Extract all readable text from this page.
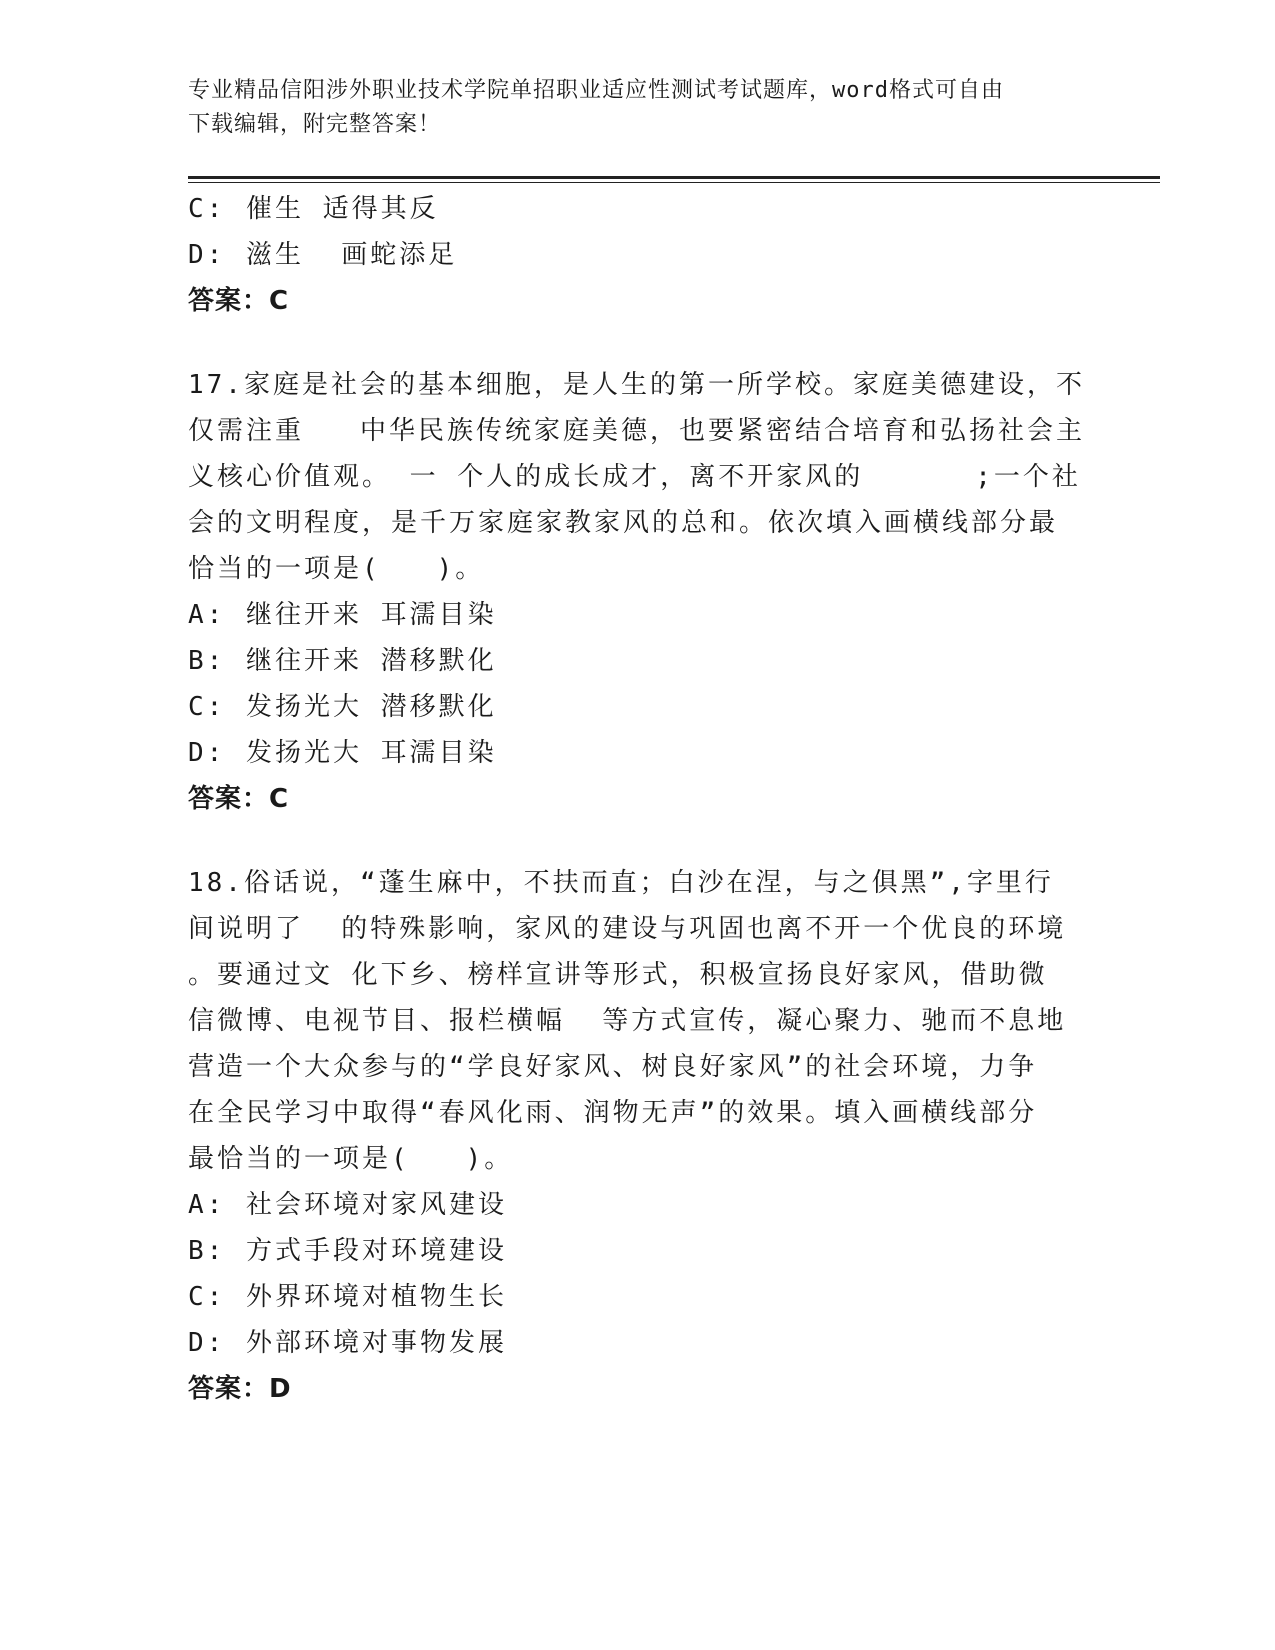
专业精品信阳涉外职业技术学院单招职业适应性测试考试题库，word格式可自由
下载编辑，附完整答案！
C: 催生 适得其反
D: 滋生  画蛇添足
答案：C
17.家庭是社会的基本细胞，是人生的第一所学校。家庭美德建设，不
仅需注重   中华民族传统家庭美德，也要紧密结合培育和弘扬社会主
义核心价值观。 一 个人的成长成才，离不开家风的      ;一个社
会的文明程度，是千万家庭家教家风的总和。依次填入画横线部分最
恰当的一项是(   )。
A: 继往开来 耳濡目染
B: 继往开来 潜移默化
C: 发扬光大 潜移默化
D: 发扬光大 耳濡目染
答案：C
18.俗话说，“蓬生麻中，不扶而直；白沙在涅，与之俱黑”,字里行
间说明了  的特殊影响，家风的建设与巩固也离不开一个优良的环境
。要通过文 化下乡、榜样宣讲等形式，积极宣扬良好家风，借助微
信微博、电视节目、报栏横幅  等方式宣传，凝心聚力、驰而不息地
营造一个大众参与的“学良好家风、树良好家风”的社会环境，力争
在全民学习中取得“春风化雨、润物无声”的效果。填入画横线部分
最恰当的一项是(   )。
A: 社会环境对家风建设
B: 方式手段对环境建设
C: 外界环境对植物生长
D: 外部环境对事物发展
答案：D
